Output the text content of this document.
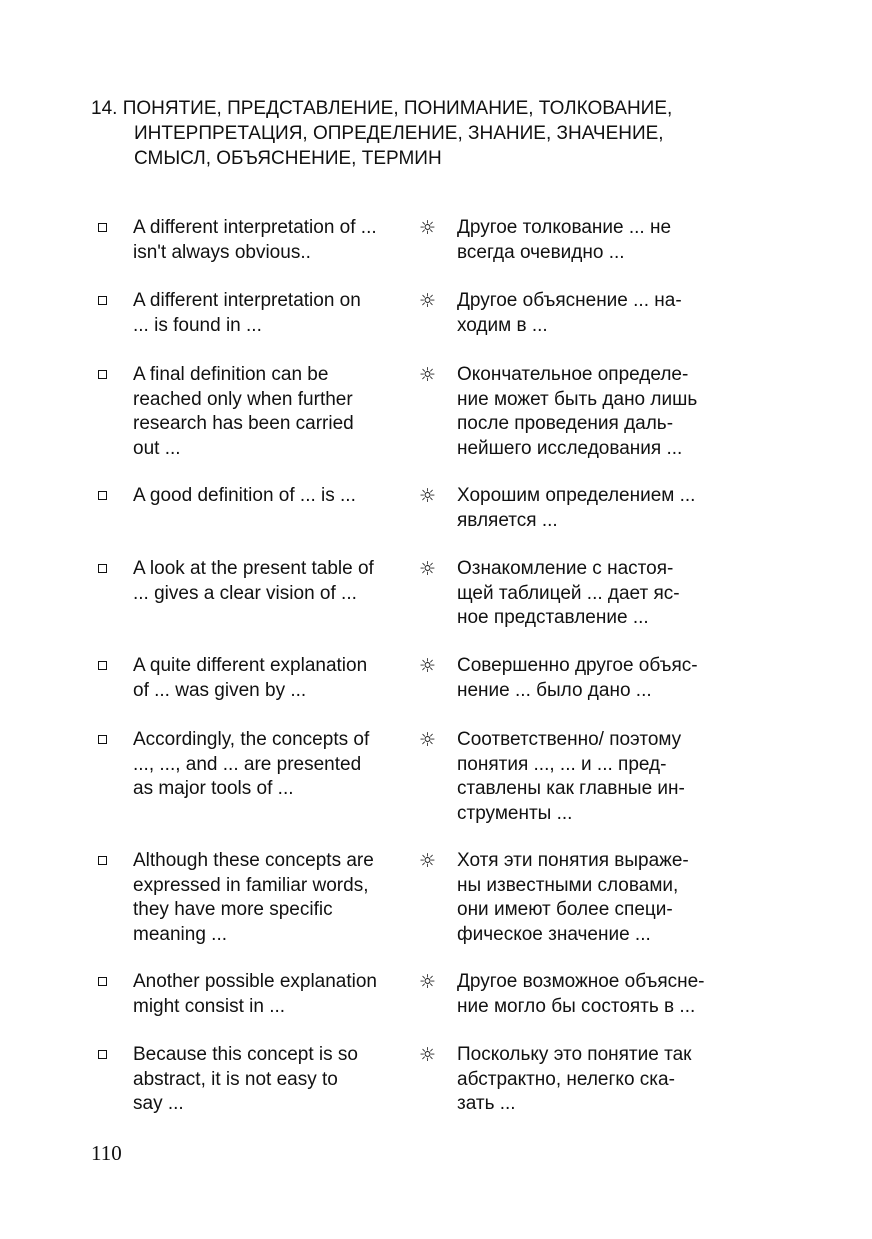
14. ПОНЯТИЕ, ПРЕДСТАВЛЕНИЕ, ПОНИМАНИЕ, ТОЛКОВАНИЕ,
ИНТЕРПРЕТАЦИЯ, ОПРЕДЕЛЕНИЕ, ЗНАНИЕ, ЗНАЧЕНИЕ,
СМЫСЛ, ОБЪЯСНЕНИЕ, ТЕРМИН
A different interpretation of ...
isn't always obvious..
☼ Другое толкование ... не
всегда очевидно ...
A different interpretation on
... is found in ...
☼ Другое объяснение ... на-
ходим в ...
A final definition can be
reached only when further
research has been carried
out ...
☼ Окончательное определе-
ние может быть дано лишь
после проведения даль-
нейшего исследования ...
A good definition of ... is ...	☼ Хорошим определением ...
является ...
A look at the present table of
... gives a clear vision of ...
☼ Ознакомление с настоя-
щей таблицей ... дает яс-
ное представление ...
A quite different explanation
of ... was given by ...
☼ Совершенно другое объяс-
нение ... было дано ...
Accordingly, the concepts of
..., ..., and ... are presented
as major tools of ...
☼ Соответственно/ поэтому
понятия ..., ... и ... пред-
ставлены как главные ин-
струменты ...
Although these concepts are
expressed in familiar words,
they have more specific
meaning ...
☼ Хотя эти понятия выраже-
ны известными словами,
они имеют более специ-
фическое значение ...
Another possible explanation
might consist in ...
☼ Другое возможное объясне-
ние могло бы состоять в ...
Because this concept is so
abstract, it is not easy to
say ...
☼ Поскольку это понятие так
абстрактно, нелегко ска-
зать ...
110
